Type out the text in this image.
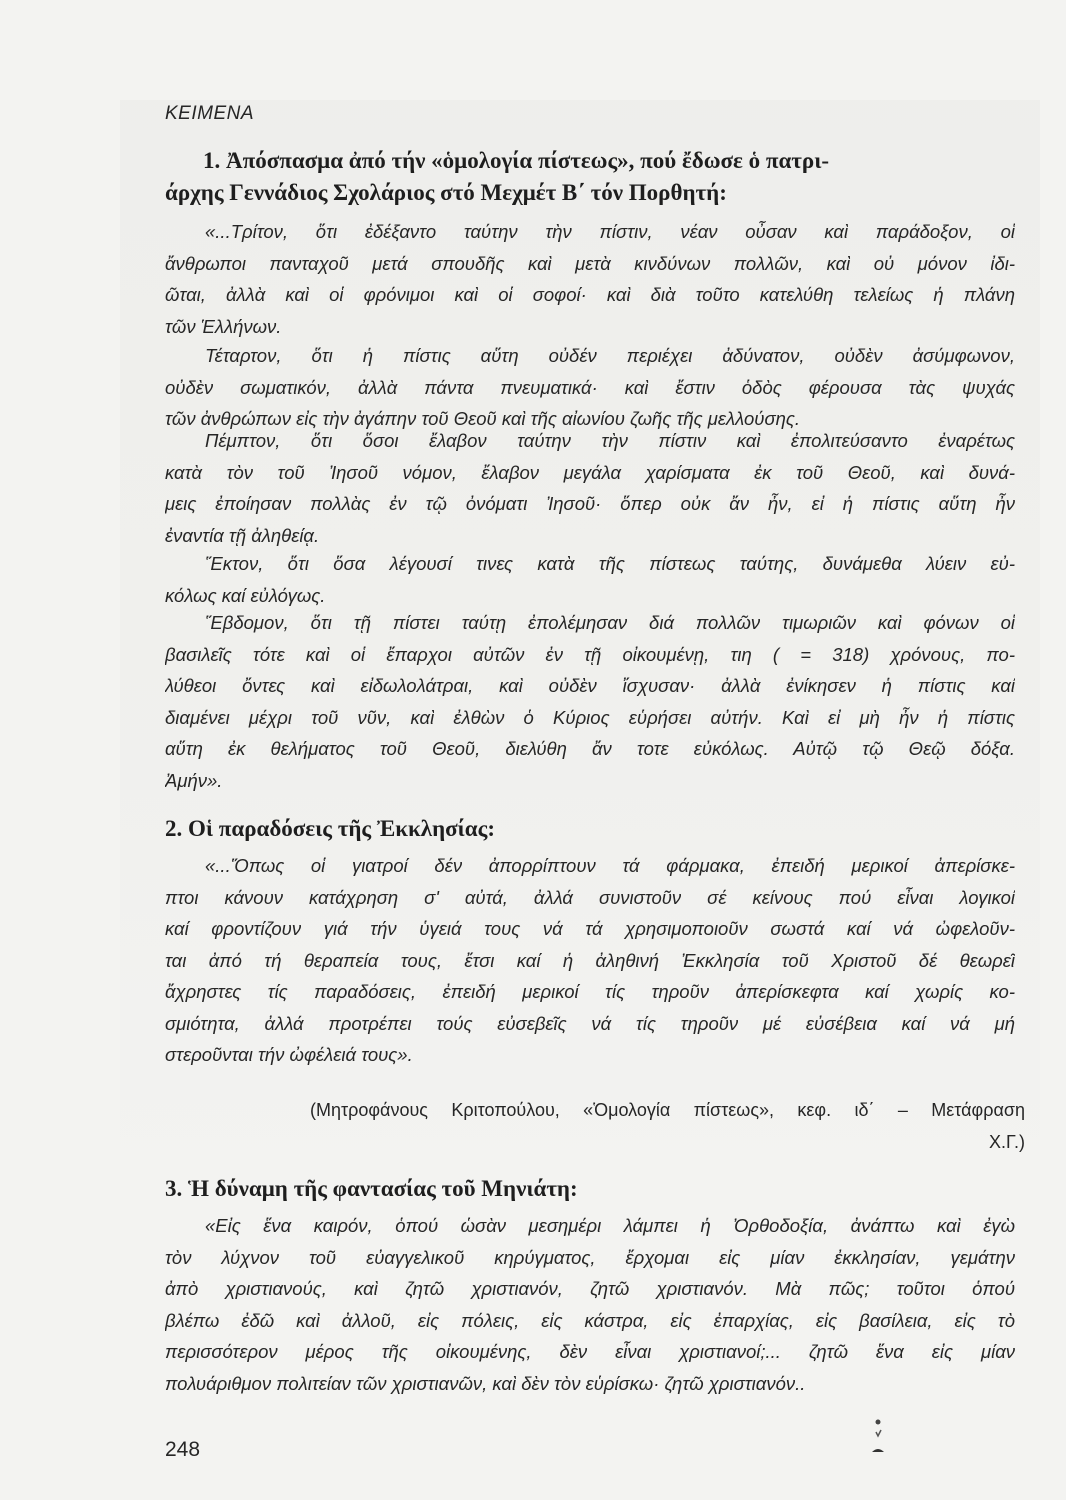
ΚΕΙΜΕΝΑ
1. Ἀπόσπασμα ἀπό τήν «ὁμολογία πίστεως», πού ἔδωσε ὁ πατρι-
άρχης Γεννάδιος Σχολάριος στό Μεχμέτ Β΄ τόν Πορθητή:
«...Τρίτον, ὅτι ἐδέξαντο ταύτην τὴν πίστιν, νέαν οὖσαν καὶ παράδοξον, οἱ
ἄνθρωποι πανταχοῦ μετά σπουδῆς καὶ μετὰ κινδύνων πολλῶν, καὶ οὐ μόνον ἰδι-
ῶται, ἀλλὰ καὶ οἱ φρόνιμοι καὶ οἱ σοφοί· καὶ διὰ τοῦτο κατελύθη τελείως ἡ πλάνη
τῶν Ἑλλήνων.
Τέταρτον, ὅτι ἡ πίστις αὕτη οὐδέν περιέχει ἀδύνατον, οὐδὲν ἀσύμφωνον,
οὐδὲν σωματικόν, ἀλλὰ πάντα πνευματικά· καὶ ἔστιν ὁδὸς φέρουσα τὰς ψυχάς
τῶν ἀνθρώπων εἰς τὴν ἀγάπην τοῦ Θεοῦ καὶ τῆς αἰωνίου ζωῆς τῆς μελλούσης.
Πέμπτον, ὅτι ὅσοι ἔλαβον ταύτην τὴν πίστιν καὶ ἐπολιτεύσαντο ἐναρέτως
κατὰ τὸν τοῦ Ἰησοῦ νόμον, ἔλαβον μεγάλα χαρίσματα ἐκ τοῦ Θεοῦ, καὶ δυνά-
μεις ἐποίησαν πολλὰς ἐν τῷ ὀνόματι Ἰησοῦ· ὅπερ οὐκ ἄν ἦν, εἰ ἡ πίστις αὕτη ἦν
ἐναντία τῇ ἀληθείᾳ.
Ἕκτον, ὅτι ὅσα λέγουσί τινες κατὰ τῆς πίστεως ταύτης, δυνάμεθα λύειν εὐ-
κόλως καί εὐλόγως.
Ἕβδομον, ὅτι τῇ πίστει ταύτῃ ἐπολέμησαν διά πολλῶν τιμωριῶν καὶ φόνων οἱ
βασιλεῖς τότε καὶ οἱ ἔπαρχοι αὐτῶν ἐν τῇ οἰκουμένῃ, τιη ( = 318) χρόνους, πο-
λύθεοι ὄντες καὶ εἰδωλολάτραι, καὶ οὐδὲν ἴσχυσαν· ἀλλὰ ἐνίκησεν ἡ πίστις καί
διαμένει μέχρι τοῦ νῦν, καὶ ἐλθὼν ὁ Κύριος εὑρήσει αὐτήν. Καὶ εἰ μὴ ἦν ἡ πίστις
αὕτη ἐκ θελήματος τοῦ Θεοῦ, διελύθη ἄν τοτε εὐκόλως. Αὐτῷ τῷ Θεῷ δόξα.
Ἀμήν».
2. Οἱ παραδόσεις τῆς Ἐκκλησίας:
«...Ὅπως οἱ γιατροί δέν ἀπορρίπτουν τά φάρμακα, ἐπειδή μερικοί ἀπερίσκε-
πτοι κάνουν κατάχρηση σ' αὐτά, ἀλλά συνιστοῦν σέ κείνους πού εἶναι λογικοί
καί φροντίζουν γιά τήν ὑγειά τους νά τά χρησιμοποιοῦν σωστά καί νά ὠφελοῦν-
ται ἀπό τή θεραπεία τους, ἔτσι καί ἡ ἀληθινή Ἐκκλησία τοῦ Χριστοῦ δέ θεωρεῖ
ἄχρηστες τίς παραδόσεις, ἐπειδή μερικοί τίς τηροῦν ἀπερίσκεφτα καί χωρίς κο-
σμιότητα, ἀλλά προτρέπει τούς εὐσεβεῖς νά τίς τηροῦν μέ εὐσέβεια καί νά μή
στεροῦνται τήν ὠφέλειά τους».
(Μητροφάνους Κριτοπούλου, «Ὁμολογία πίστεως», κεφ. ιδ΄ – Μετάφραση
Χ.Γ.)
3. Ἡ δύναμη τῆς φαντασίας τοῦ Μηνιάτη:
«Εἰς ἕνα καιρόν, ὁπού ὡσὰν μεσημέρι λάμπει ἡ Ὀρθοδοξία, ἀνάπτω καὶ ἐγὼ
τὸν λύχνον τοῦ εὐαγγελικοῦ κηρύγματος, ἔρχομαι εἰς μίαν ἐκκλησίαν, γεμάτην
ἀπὸ χριστιανούς, καὶ ζητῶ χριστιανόν, ζητῶ χριστιανόν. Μὰ πῶς; τοῦτοι ὁπού
βλέπω ἐδῶ καὶ ἀλλοῦ, εἰς πόλεις, εἰς κάστρα, εἰς ἐπαρχίας, εἰς βασίλεια, εἰς τὸ
περισσότερον μέρος τῆς οἰκουμένης, δὲν εἶναι χριστιανοί;... ζητῶ ἕνα εἰς μίαν
πολυάριθμον πολιτείαν τῶν χριστιανῶν, καὶ δὲν τὸν εὑρίσκω· ζητῶ χριστιανόν..
248
